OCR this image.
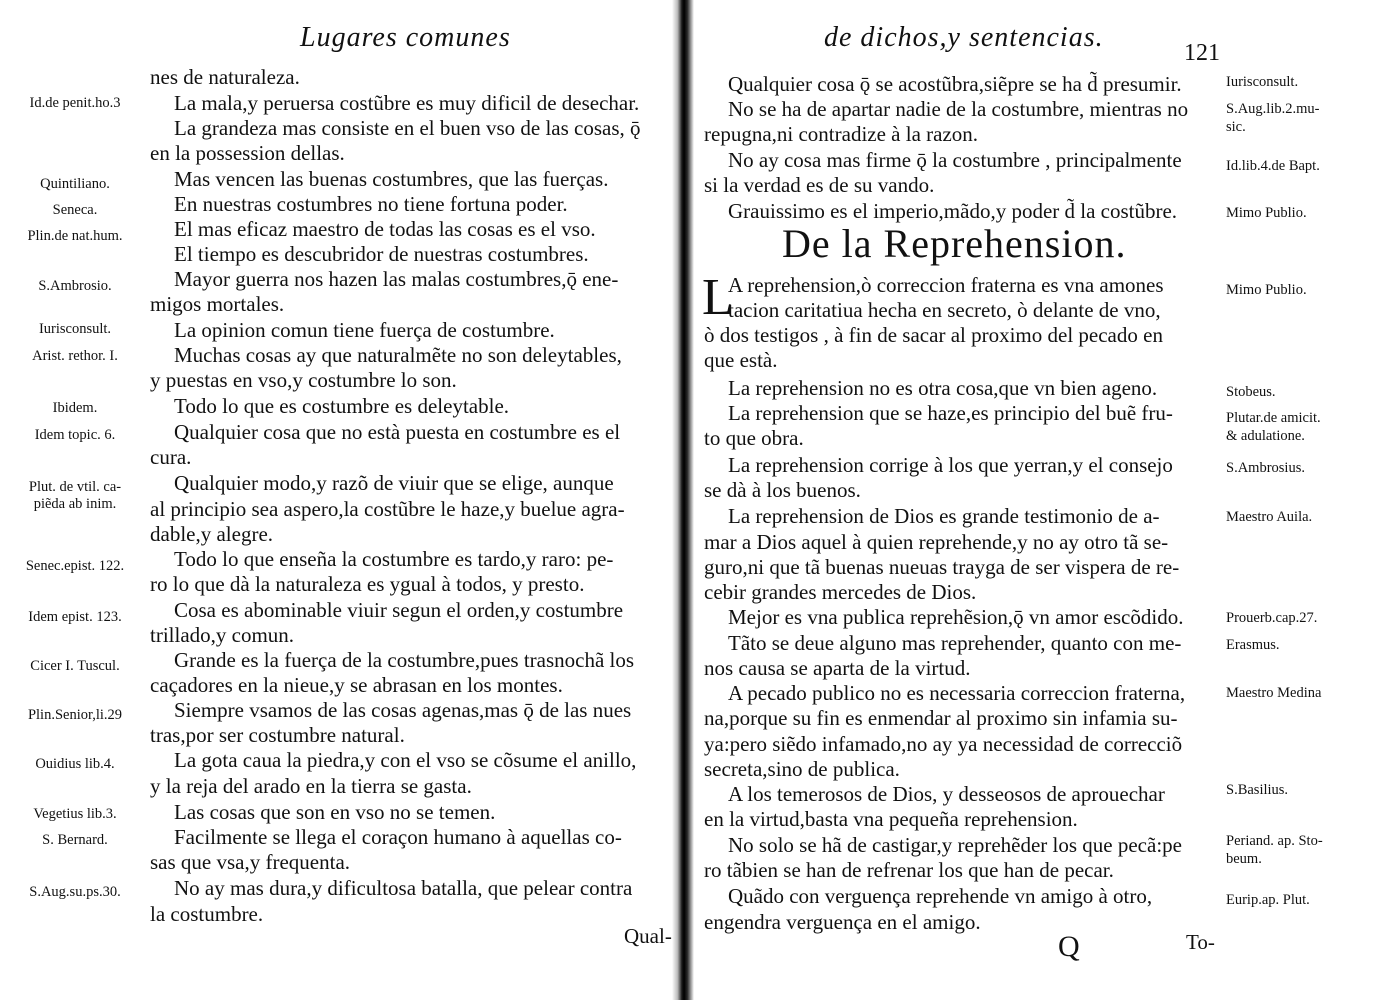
Lugares comunes
nes de naturaleza.
La mala,y peruersa costũbre es muy dificil de desechar.
La grandeza mas consiste en el buen vso de las cosas, ǭ
en la possession dellas.
Mas vencen las buenas costumbres, que las fuerças.
En nuestras costumbres no tiene fortuna poder.
El mas eficaz maestro de todas las cosas es el vso.
El tiempo es descubridor de nuestras costumbres.
Mayor guerra nos hazen las malas costumbres,ǭ ene-
migos mortales.
La opinion comun tiene fuerça de costumbre.
Muchas cosas ay que naturalmẽte no son deleytables,
y puestas en vso,y costumbre lo son.
Todo lo que es costumbre es deleytable.
Qualquier cosa que no està puesta en costumbre es el
cura.
Qualquier modo,y razõ de viuir que se elige, aunque
al principio sea aspero,la costũbre le haze,y buelue agra-
dable,y alegre.
Todo lo que enseña la costumbre es tardo,y raro: pe-
ro lo que dà la naturaleza es ygual à todos, y presto.
Cosa es abominable viuir segun el orden,y costumbre
trillado,y comun.
Grande es la fuerça de la costumbre,pues trasnochã los
caçadores en la nieue,y se abrasan en los montes.
Siempre vsamos de las cosas agenas,mas ǭ de las nues
tras,por ser costumbre natural.
La gota caua la piedra,y con el vso se cõsume el anillo,
y la reja del arado en la tierra se gasta.
Las cosas que son en vso no se temen.
Facilmente se llega el coraçon humano à aquellas co-
sas que vsa,y frequenta.
No ay mas dura,y dificultosa batalla, que pelear contra
la costumbre.
Id.de penit.ho.3
Quintiliano.
Seneca.
Plin.de nat.hum.
S.Ambrosio.
Iurisconsult.
Arist. rethor. I.
Ibidem.
Idem topic. 6.
Plut. de vtil. ca-
piẽda ab inim.
Senec.epist. 122.
Idem epist. 123.
Cicer I. Tuscul.
Plin.Senior,li.29
Ouidius lib.4.
Vegetius lib.3.
S. Bernard.
S.Aug.su.ps.30.
Qual-
de dichos,y sentencias.	121
Qualquier cosa ǭ se acostũbra,siẽpre se ha d̃ presumir.
No se ha de apartar nadie de la costumbre, mientras no
repugna,ni contradize à la razon.
No ay cosa mas firme ǭ la costumbre , principalmente
si la verdad es de su vando.
Grauissimo es el imperio,mãdo,y poder d̃ la costũbre.
De la Reprehension.
L
A reprehension,ò correccion fraterna es vna amones
tacion caritatiua hecha en secreto, ò delante de vno,
ò dos testigos , à fin de sacar al proximo del pecado en
que està.
La reprehension no es otra cosa,que vn bien ageno.
La reprehension que se haze,es principio del buẽ fru-
to que obra.
La reprehension corrige à los que yerran,y el consejo
se dà à los buenos.
La reprehension de Dios es grande testimonio de a-
mar a Dios aquel à quien reprehende,y no ay otro tã se-
guro,ni que tã buenas nueuas trayga de ser vispera de re-
cebir grandes mercedes de Dios.
Mejor es vna publica reprehẽsion,ǭ vn amor escõdido.
Tãto se deue alguno mas reprehender, quanto con me-
nos causa se aparta de la virtud.
A pecado publico no es necessaria correccion fraterna,
na,porque su fin es enmendar al proximo sin infamia su-
ya:pero siẽdo infamado,no ay ya necessidad de correcciõ
secreta,sino de publica.
A los temerosos de Dios, y desseosos de aprouechar
en la virtud,basta vna pequeña reprehension.
No solo se hã de castigar,y reprehẽder los que pecã:pe
ro tãbien se han de refrenar los que han de pecar.
Quãdo con verguença reprehende vn amigo à otro,
engendra verguença en el amigo.
Iurisconsult.
S.Aug.lib.2.mu-
sic.
Id.lib.4.de Bapt.
Mimo Publio.
Mimo Publio.
Stobeus.
Plutar.de amicit.
& adulatione.
S.Ambrosius.
Maestro Auila.
Prouerb.cap.27.
Erasmus.
Maestro Medina
S.Basilius.
Periand. ap. Sto-
beum.
Eurip.ap. Plut.
Q	To-
